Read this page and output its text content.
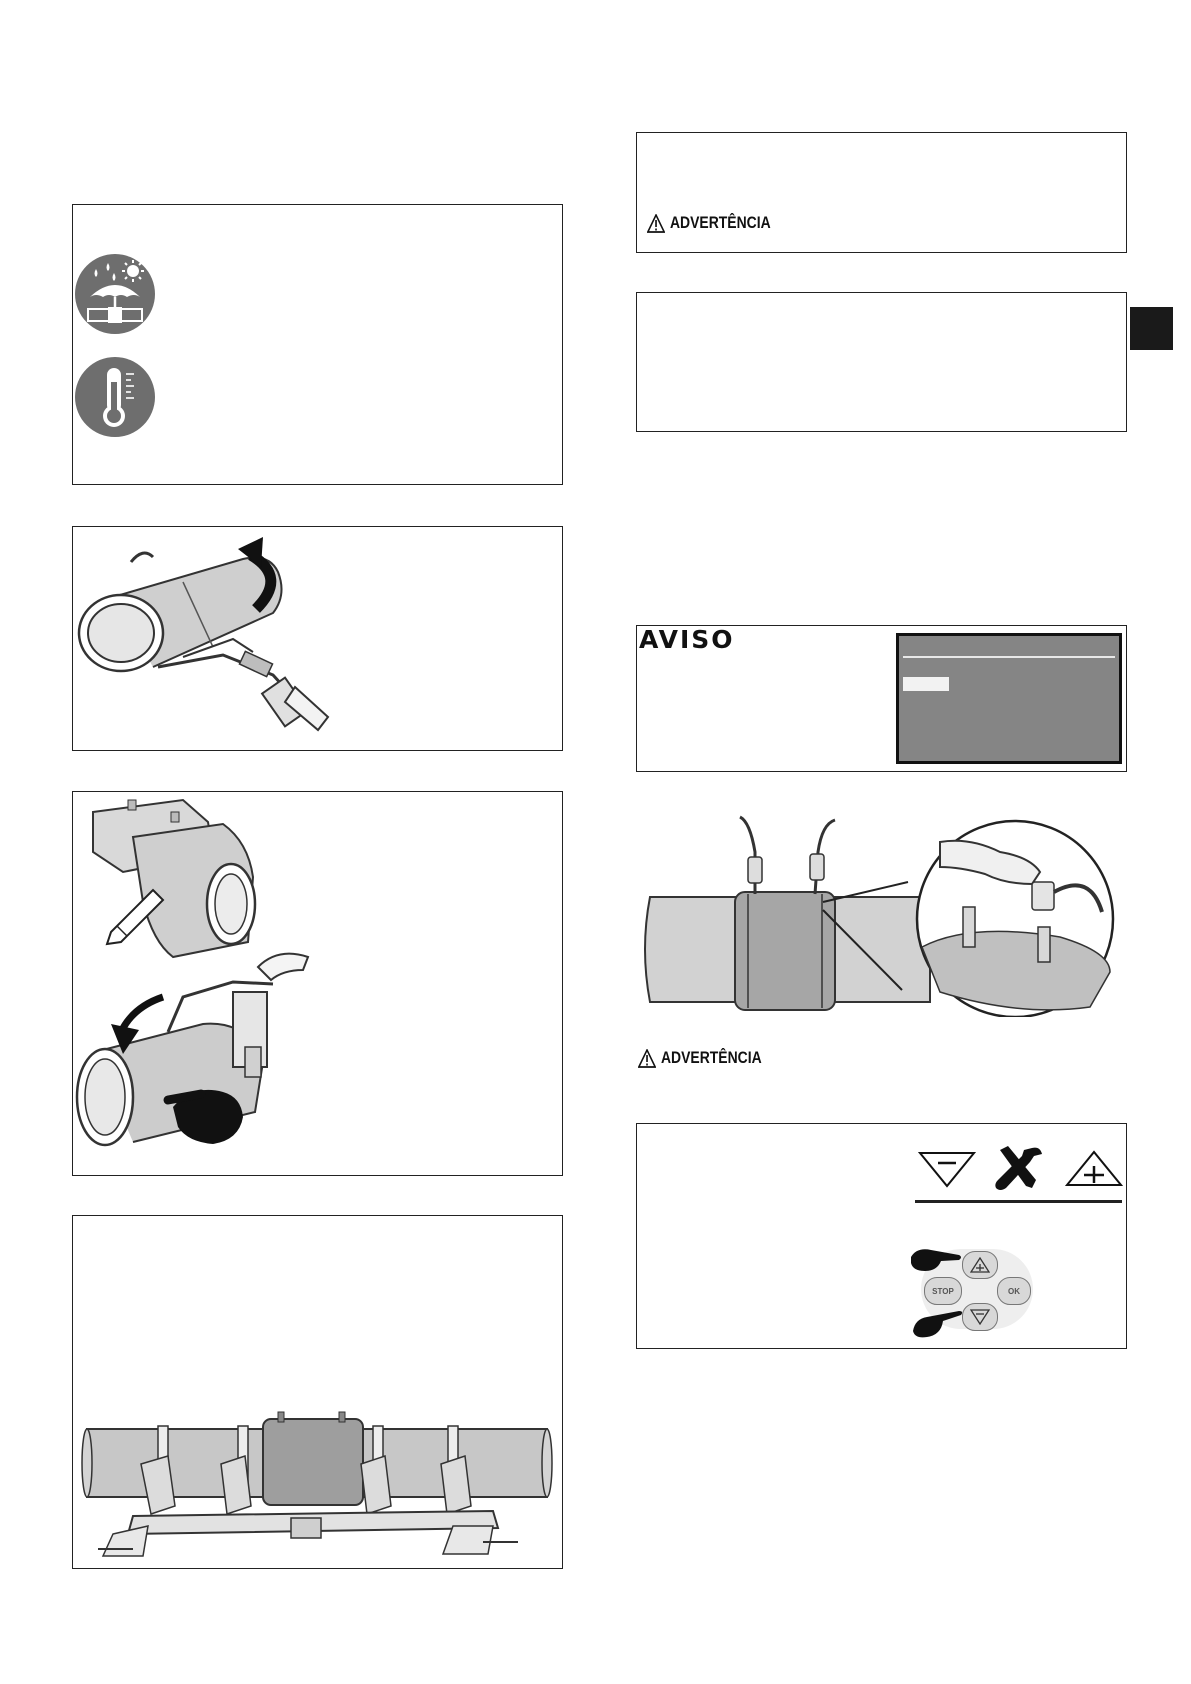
ADVERTÊNCIA
AVISO
ADVERTÊNCIA
STOP	OK
